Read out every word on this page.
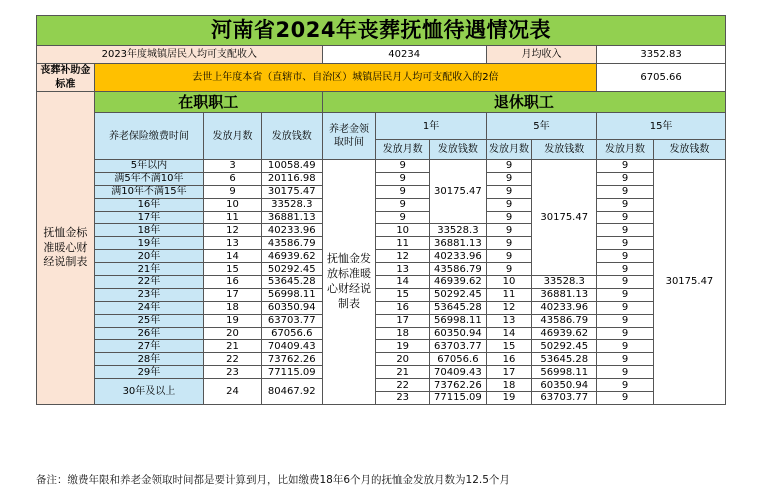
河南省2024年丧葬抚恤待遇情况表										
2023年度城镇居民人均可支配收入				40234			月均收入		3352.83	
丧葬补助金标准	去世上年度本省（直辖市、自治区）城镇居民月人均可支配收入的2倍								6705.66	
抚恤金标准暖心财经说制表	在职职工			退休职工						
	养老保险缴费时间	发放月数	发放钱数	养老金领取时间	1年		5年		15年	
					发放月数	发放钱数	发放月数	发放钱数	发放月数	发放钱数
	5年以内	3	10058.49	抚恤金发放标准暖心财经说制表	9	30175.47	9	30175.47	9	30175.47
	满5年不满10年	6	20116.98		9		9		9	
	满10年不满15年	9	30175.47		9		9		9	
	16年	10	33528.3		9		9		9	
	17年	11	36881.13		9		9		9	
	18年	12	40233.96		10	33528.3	9		9	
	19年	13	43586.79		11	36881.13	9		9	
	20年	14	46939.62		12	40233.96	9		9	
	21年	15	50292.45		13	43586.79	9		9	
	22年	16	53645.28		14	46939.62	10	33528.3	9	
	23年	17	56998.11		15	50292.45	11	36881.13	9	
	24年	18	60350.94		16	53645.28	12	40233.96	9	
	25年	19	63703.77		17	56998.11	13	43586.79	9	
	26年	20	67056.6		18	60350.94	14	46939.62	9	
	27年	21	70409.43		19	63703.77	15	50292.45	9	
	28年	22	73762.26		20	67056.6	16	53645.28	9	
	29年	23	77115.09		21	70409.43	17	56998.11	9	
	30年及以上	24	80467.92		22	73762.26	18	60350.94	9	
					23	77115.09	19	63703.77	9	
备注：缴费年限和养老金领取时间都是要计算到月，比如缴费18年6个月的抚恤金发放月数为12.5个月
